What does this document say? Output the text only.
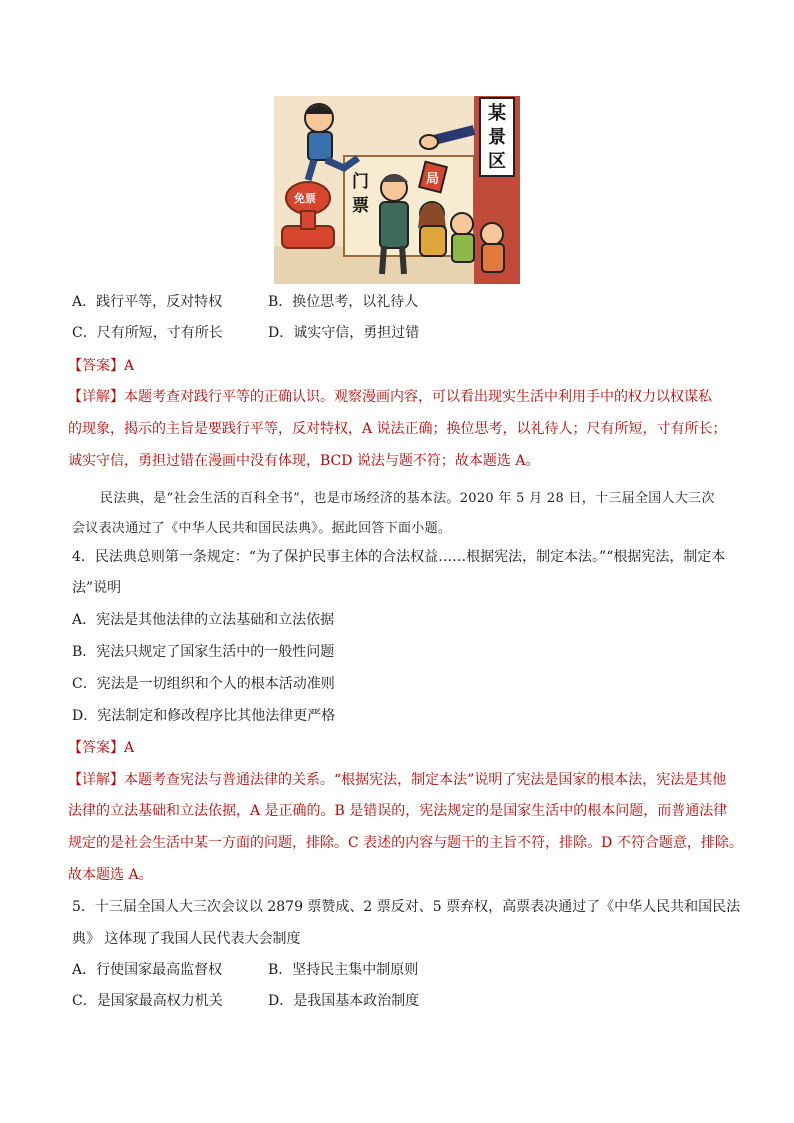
某景区
门票
免票
局
A．践行平等，反对特权	B．换位思考，以礼待人
C．尺有所短，寸有所长	D．诚实守信，勇担过错
【答案】A
【详解】本题考查对践行平等的正确认识。观察漫画内容，可以看出现实生活中利用手中的权力以权谋私
的现象，揭示的主旨是要践行平等，反对特权，A 说法正确；换位思考，以礼待人；尺有所短，寸有所长；
诚实守信，勇担过错在漫画中没有体现，BCD 说法与题不符；故本题选 A。
民法典，是“社会生活的百科全书”，也是市场经济的基本法。2020 年 5 月 28 日，十三届全国人大三次
会议表决通过了《中华人民共和国民法典》。据此回答下面小题。
4．民法典总则第一条规定：“为了保护民事主体的合法权益……根据宪法，制定本法。”“根据宪法，制定本
法”说明
A．宪法是其他法律的立法基础和立法依据
B．宪法只规定了国家生活中的一般性问题
C．宪法是一切组织和个人的根本活动准则
D．宪法制定和修改程序比其他法律更严格
【答案】A
【详解】本题考查宪法与普通法律的关系。“根据宪法，制定本法”说明了宪法是国家的根本法，宪法是其他
法律的立法基础和立法依据，A 是正确的。B 是错误的，宪法规定的是国家生活中的根本问题，而普通法律
规定的是社会生活中某一方面的问题，排除。C 表述的内容与题干的主旨不符，排除。D 不符合题意，排除。
故本题选 A。
5．十三届全国人大三次会议以 2879 票赞成、2 票反对、5 票弃权，高票表决通过了《中华人民共和国民法
典》 这体现了我国人民代表大会制度
A．行使国家最高监督权	B．坚持民主集中制原则
C．是国家最高权力机关	D．是我国基本政治制度
